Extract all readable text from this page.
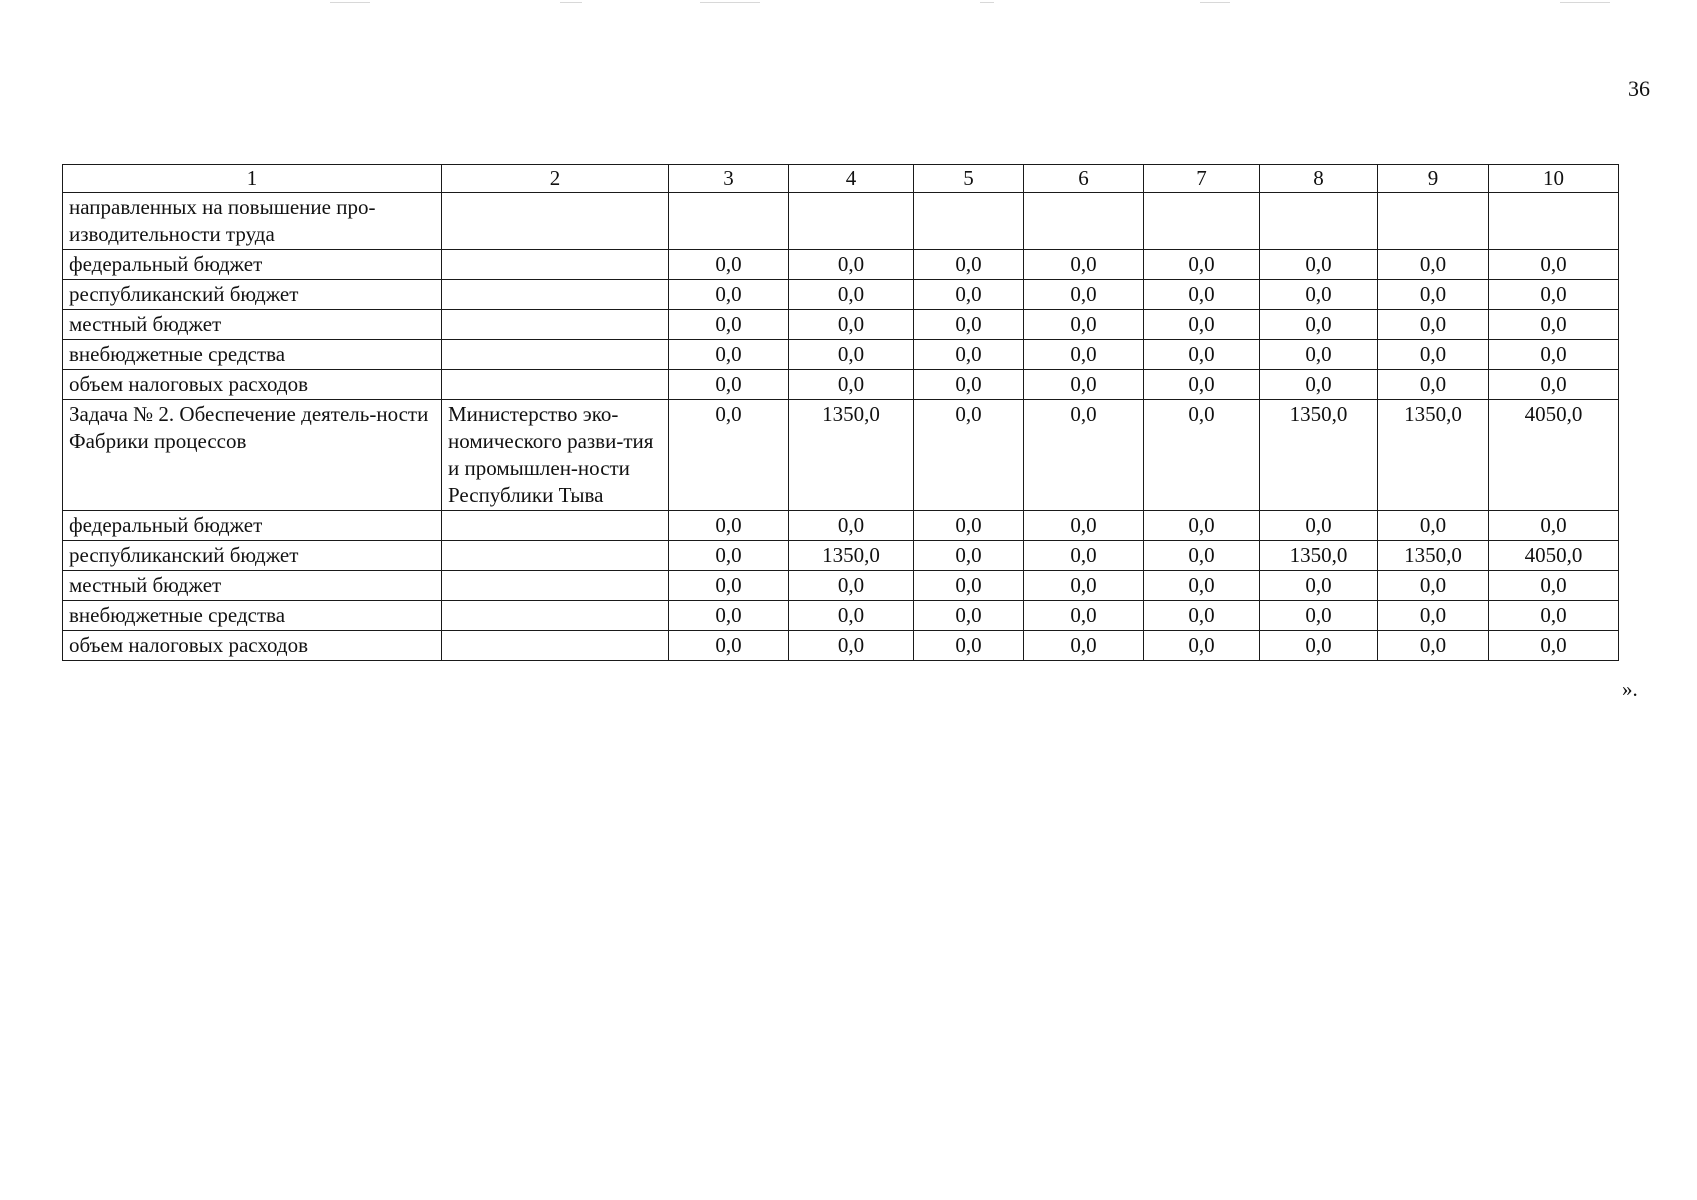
36
1	2	3	4	5	6	7	8	9	10
направленных на повышение про-изводительности труда									
федеральный бюджет		0,0	0,0	0,0	0,0	0,0	0,0	0,0	0,0
республиканский бюджет		0,0	0,0	0,0	0,0	0,0	0,0	0,0	0,0
местный бюджет		0,0	0,0	0,0	0,0	0,0	0,0	0,0	0,0
внебюджетные средства		0,0	0,0	0,0	0,0	0,0	0,0	0,0	0,0
объем налоговых расходов		0,0	0,0	0,0	0,0	0,0	0,0	0,0	0,0
Задача № 2. Обеспечение деятель-ности Фабрики процессов	Министерство эко-номического разви-тия и промышлен-ности Республики Тыва	0,0	1350,0	0,0	0,0	0,0	1350,0	1350,0	4050,0
федеральный бюджет		0,0	0,0	0,0	0,0	0,0	0,0	0,0	0,0
республиканский бюджет		0,0	1350,0	0,0	0,0	0,0	1350,0	1350,0	4050,0
местный бюджет		0,0	0,0	0,0	0,0	0,0	0,0	0,0	0,0
внебюджетные средства		0,0	0,0	0,0	0,0	0,0	0,0	0,0	0,0
объем налоговых расходов		0,0	0,0	0,0	0,0	0,0	0,0	0,0	0,0
».
